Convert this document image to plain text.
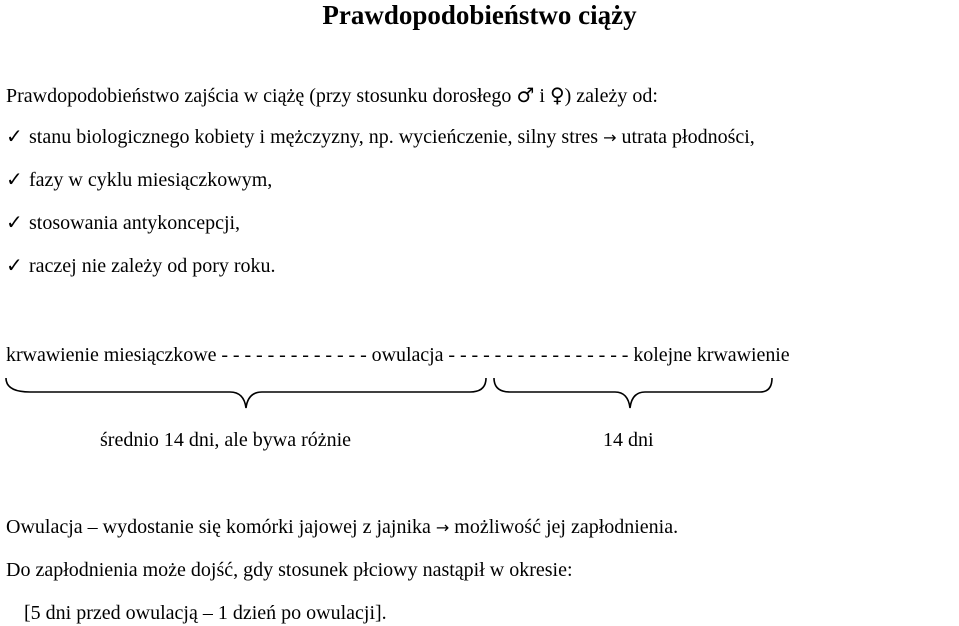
Prawdopodobieństwo ciąży
Prawdopodobieństwo zajścia w ciążę (przy stosunku dorosłego ♂ i ♀) zależy od:
✓ stanu biologicznego kobiety i mężczyzny, np. wycieńczenie, silny stres → utrata płodności,
✓ fazy w cyklu miesiączkowym,
✓ stosowania antykoncepcji,
✓ raczej nie zależy od pory roku.
krwawienie miesiączkowe - - - - - - - - - - - - - owulacja - - - - - - - - - - - - - - - - kolejne krwawienie
średnio 14 dni, ale bywa różnie	14 dni
Owulacja – wydostanie się komórki jajowej z jajnika → możliwość jej zapłodnienia.
Do zapłodnienia może dojść, gdy stosunek płciowy nastąpił w okresie:
[5 dni przed owulacją – 1 dzień po owulacji].
